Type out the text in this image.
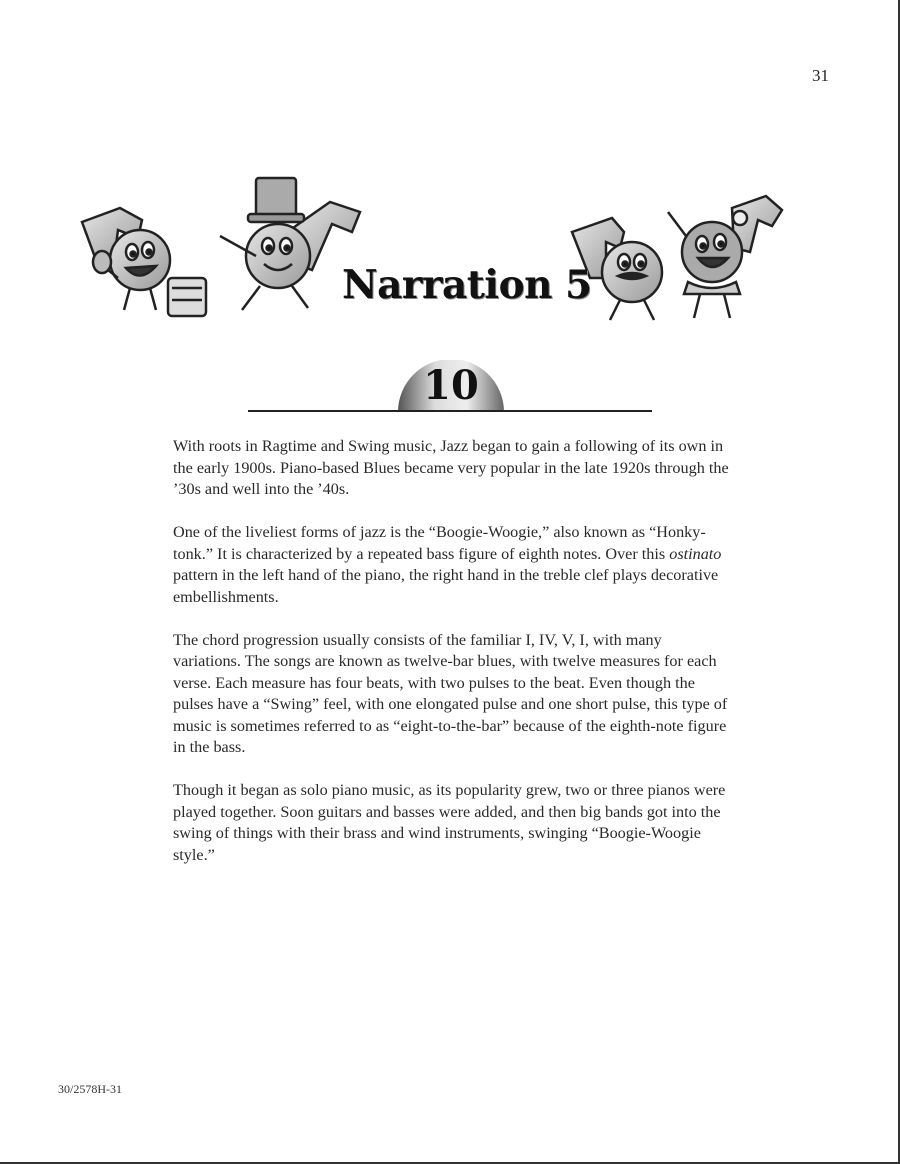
31
Narration 5
10

With roots in Ragtime and Swing music, Jazz began to gain a following of its own in the early 1900s. Piano-based Blues became very popular in the late 1920s through the ’30s and well into the ’40s.

One of the liveliest forms of jazz is the “Boogie-Woogie,” also known as “Honky-tonk.” It is characterized by a repeated bass figure of eighth notes. Over this ostinato pattern in the left hand of the piano, the right hand in the treble clef plays decorative embellishments.

The chord progression usually consists of the familiar I, IV, V, I, with many variations. The songs are known as twelve-bar blues, with twelve measures for each verse. Each measure has four beats, with two pulses to the beat. Even though the pulses have a “Swing” feel, with one elongated pulse and one short pulse, this type of music is sometimes referred to as “eight-to-the-bar” because of the eighth-note figure in the bass.

Though it began as solo piano music, as its popularity grew, two or three pianos were played together. Soon guitars and basses were added, and then big bands got into the swing of things with their brass and wind instruments, swinging “Boogie-Woogie style.”

30/2578H-31
